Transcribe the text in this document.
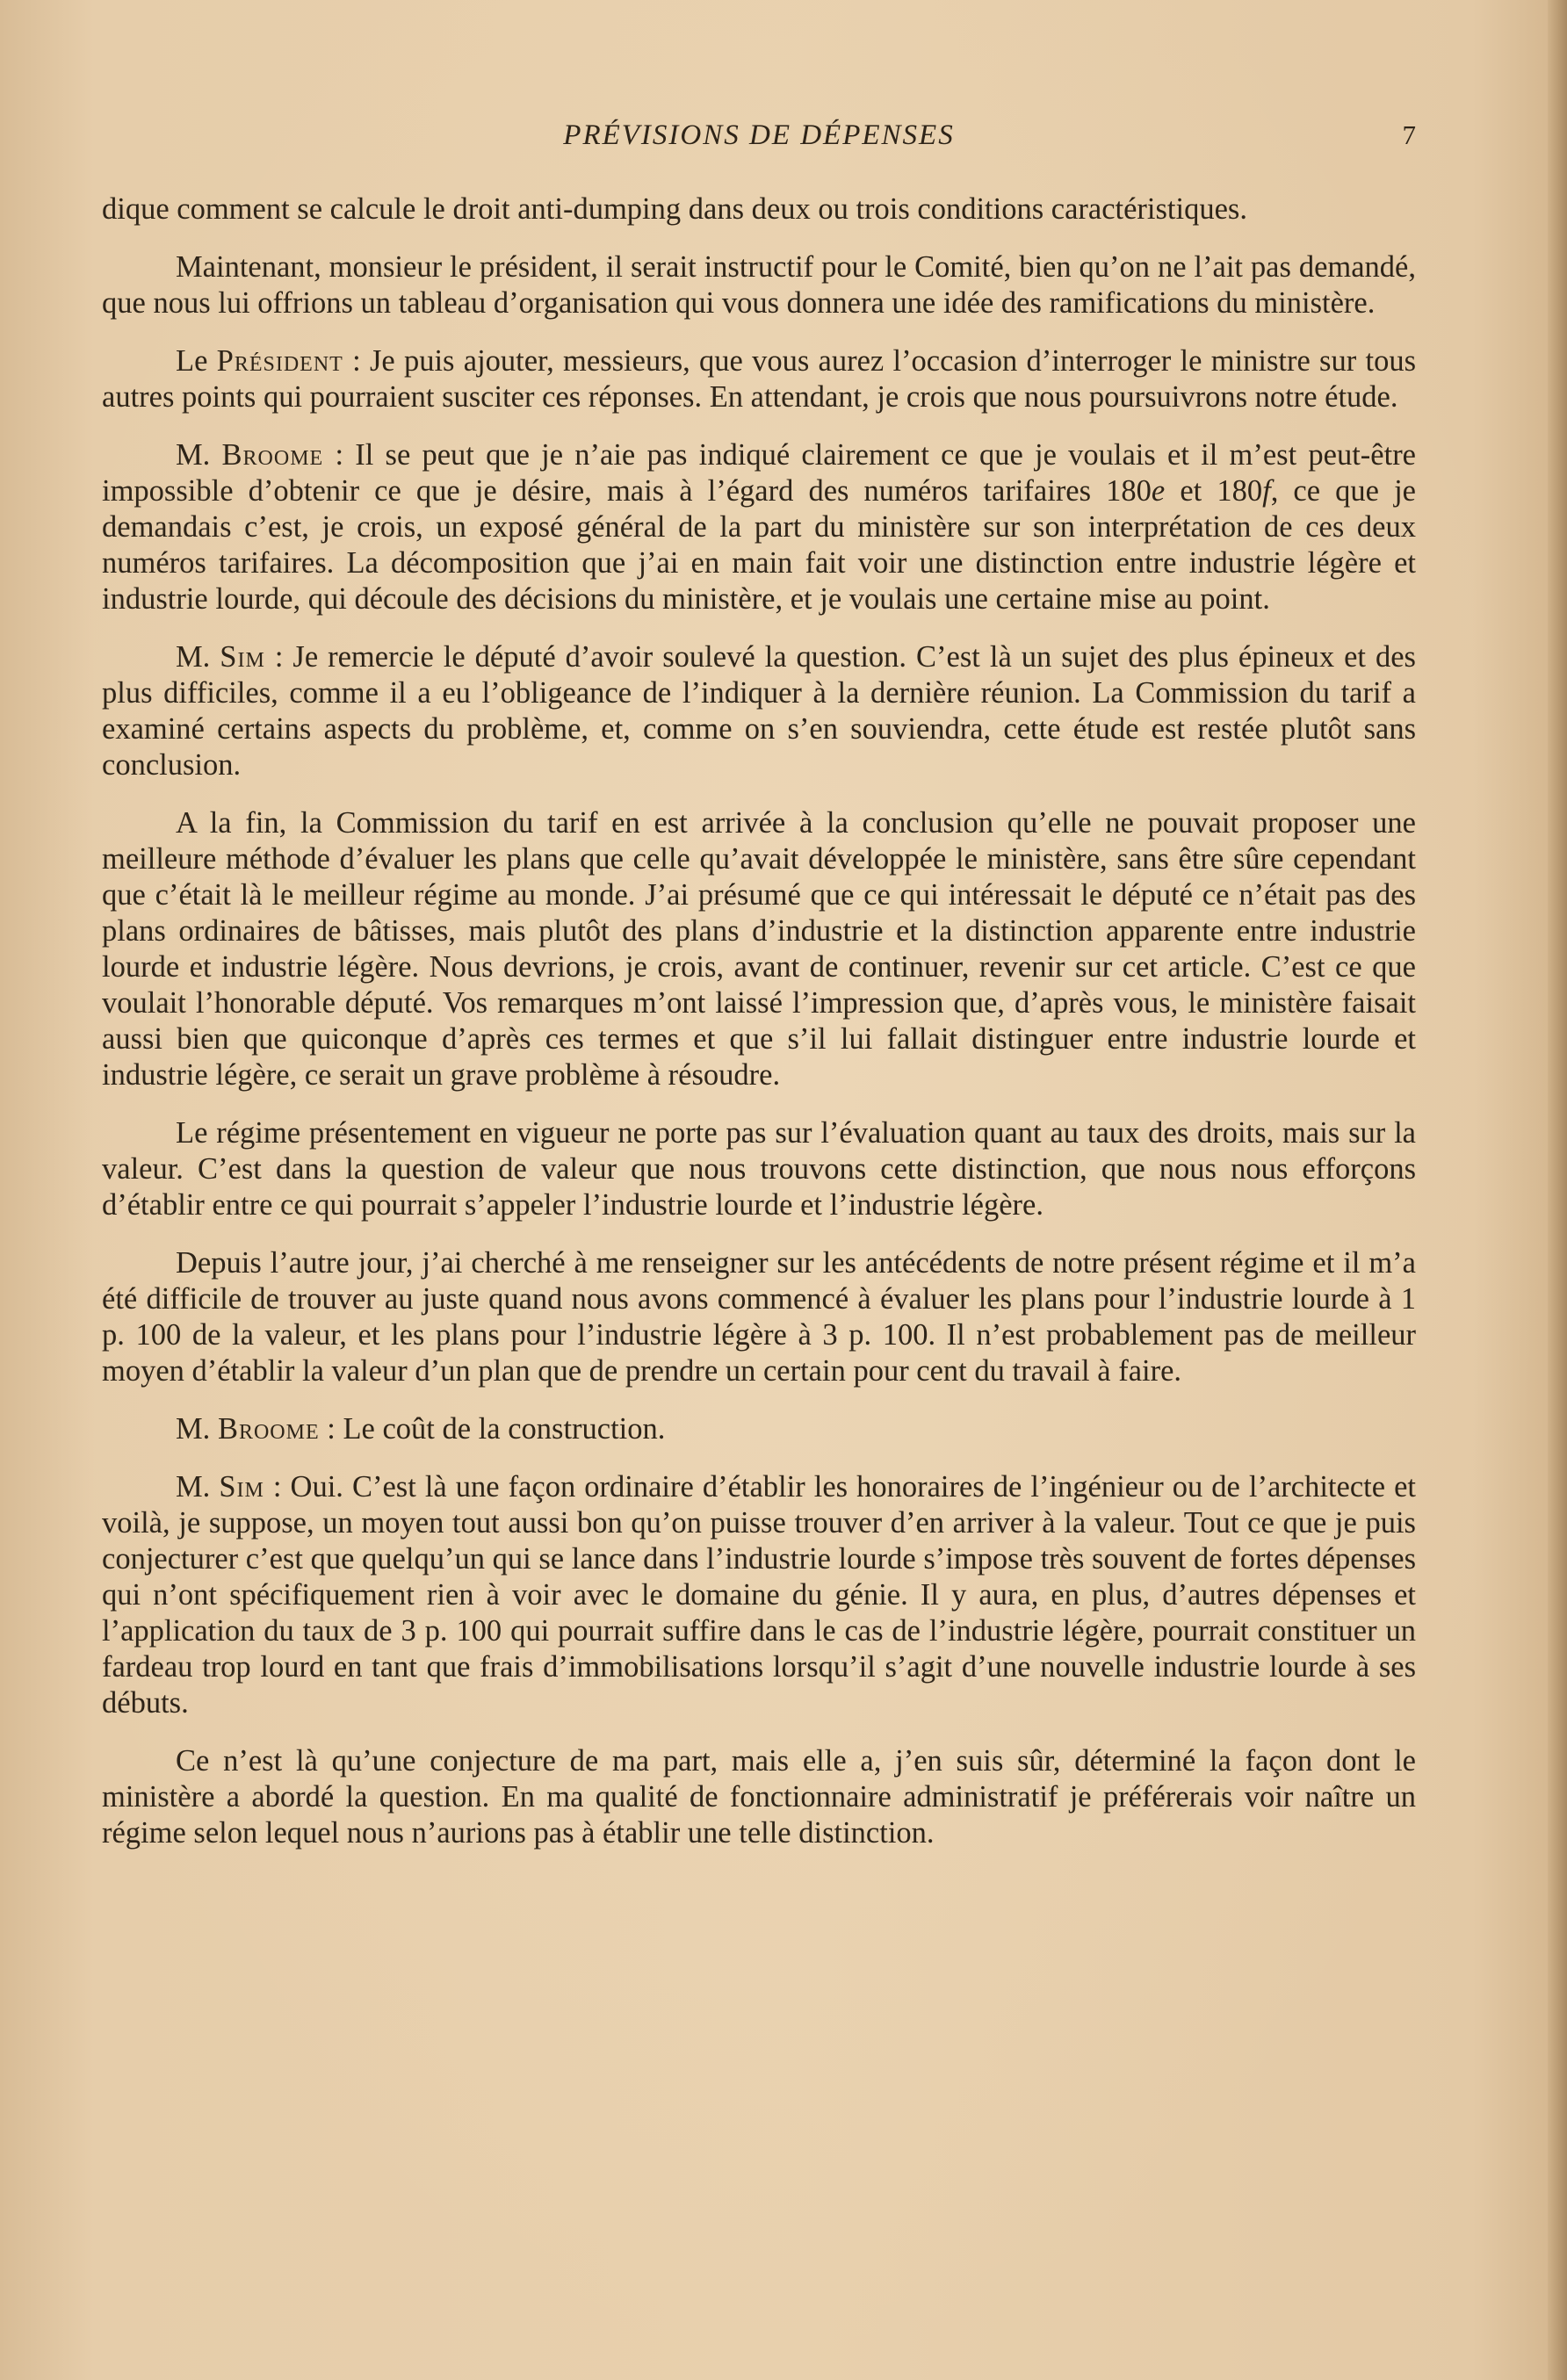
PRÉVISIONS DE DÉPENSES	7

dique comment se calcule le droit anti-dumping dans deux ou trois conditions caractéristiques.

Maintenant, monsieur le président, il serait instructif pour le Comité, bien qu’on ne l’ait pas demandé, que nous lui offrions un tableau d’organisation qui vous donnera une idée des ramifications du ministère.

Le Président : Je puis ajouter, messieurs, que vous aurez l’occasion d’interroger le ministre sur tous autres points qui pourraient susciter ces réponses. En attendant, je crois que nous poursuivrons notre étude.

M. Broome : Il se peut que je n’aie pas indiqué clairement ce que je voulais et il m’est peut-être impossible d’obtenir ce que je désire, mais à l’égard des numéros tarifaires 180e et 180f, ce que je demandais c’est, je crois, un exposé général de la part du ministère sur son interprétation de ces deux numéros tarifaires. La décomposition que j’ai en main fait voir une distinction entre industrie légère et industrie lourde, qui découle des décisions du ministère, et je voulais une certaine mise au point.

M. Sim : Je remercie le député d’avoir soulevé la question. C’est là un sujet des plus épineux et des plus difficiles, comme il a eu l’obligeance de l’indiquer à la dernière réunion. La Commission du tarif a examiné certains aspects du problème, et, comme on s’en souviendra, cette étude est restée plutôt sans conclusion.

A la fin, la Commission du tarif en est arrivée à la conclusion qu’elle ne pouvait proposer une meilleure méthode d’évaluer les plans que celle qu’avait développée le ministère, sans être sûre cependant que c’était là le meilleur régime au monde. J’ai présumé que ce qui intéressait le député ce n’était pas des plans ordinaires de bâtisses, mais plutôt des plans d’industrie et la distinction apparente entre industrie lourde et industrie légère. Nous devrions, je crois, avant de continuer, revenir sur cet article. C’est ce que voulait l’honorable député. Vos remarques m’ont laissé l’impression que, d’après vous, le ministère faisait aussi bien que quiconque d’après ces termes et que s’il lui fallait distinguer entre industrie lourde et industrie légère, ce serait un grave problème à résoudre.

Le régime présentement en vigueur ne porte pas sur l’évaluation quant au taux des droits, mais sur la valeur. C’est dans la question de valeur que nous trouvons cette distinction, que nous nous efforçons d’établir entre ce qui pourrait s’appeler l’industrie lourde et l’industrie légère.

Depuis l’autre jour, j’ai cherché à me renseigner sur les antécédents de notre présent régime et il m’a été difficile de trouver au juste quand nous avons commencé à évaluer les plans pour l’industrie lourde à 1 p. 100 de la valeur, et les plans pour l’industrie légère à 3 p. 100. Il n’est probablement pas de meilleur moyen d’établir la valeur d’un plan que de prendre un certain pour cent du travail à faire.

M. Broome : Le coût de la construction.

M. Sim : Oui. C’est là une façon ordinaire d’établir les honoraires de l’ingénieur ou de l’architecte et voilà, je suppose, un moyen tout aussi bon qu’on puisse trouver d’en arriver à la valeur. Tout ce que je puis conjecturer c’est que quelqu’un qui se lance dans l’industrie lourde s’impose très souvent de fortes dépenses qui n’ont spécifiquement rien à voir avec le domaine du génie. Il y aura, en plus, d’autres dépenses et l’application du taux de 3 p. 100 qui pourrait suffire dans le cas de l’industrie légère, pourrait constituer un fardeau trop lourd en tant que frais d’immobilisations lorsqu’il s’agit d’une nouvelle industrie lourde à ses débuts.

Ce n’est là qu’une conjecture de ma part, mais elle a, j’en suis sûr, déterminé la façon dont le ministère a abordé la question. En ma qualité de fonctionnaire administratif je préférerais voir naître un régime selon lequel nous n’aurions pas à établir une telle distinction.
